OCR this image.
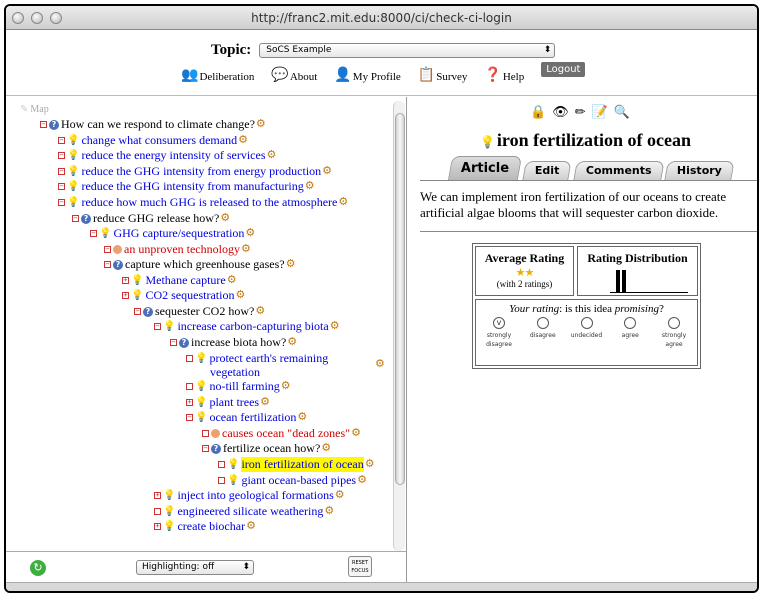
http://franc2.mit.edu:8000/ci/check-ci-login
Topic:	SoCS Example ⬍
👥 Deliberation 💬 About 👤 My Profile 📋 Survey ❓ Help
Logout
✎ Map
− ? How can we respond to climate change? ⚙
− 💡 change what consumers demand ⚙
− 💡 reduce the energy intensity of services ⚙
− 💡 reduce the GHG intensity from energy production ⚙
− 💡 reduce the GHG intensity from manufacturing ⚙
− 💡 reduce how much GHG is released to the atmosphere ⚙
− ? reduce GHG release how? ⚙
− 💡 GHG capture/sequestration ⚙
− an unproven technology ⚙
− ? capture which greenhouse gases? ⚙
+ 💡 Methane capture ⚙
+ 💡 CO2 sequestration ⚙
− ? sequester CO2 how? ⚙
− 💡 increase carbon-capturing biota ⚙
− ? increase biota how? ⚙
💡 protect earth's remaining	⚙
vegetation
💡 no-till farming ⚙
+ 💡 plant trees ⚙
− 💡 ocean fertilization ⚙
causes ocean "dead zones" ⚙
− ? fertilize ocean how? ⚙
💡 iron fertilization of ocean ⚙
💡 giant ocean-based pipes ⚙
+ 💡 inject into geological formations ⚙
💡 engineered silicate weathering ⚙
+ 💡 create biochar ⚙
↻	Highlighting: off ⬍	RESET
FOCUS
🔒 👁 ✏ 📝 🔍
💡 iron fertilization of ocean
Article	Edit	Comments	History
We can implement iron fertilization of our oceans to create artificial algae blooms that will sequester carbon dioxide.
Average Rating
★★
(with 2 ratings)
Rating Distribution
Your rating: is this idea promising?
v
strongly disagree
disagree	undecided	agree	strongly agree
